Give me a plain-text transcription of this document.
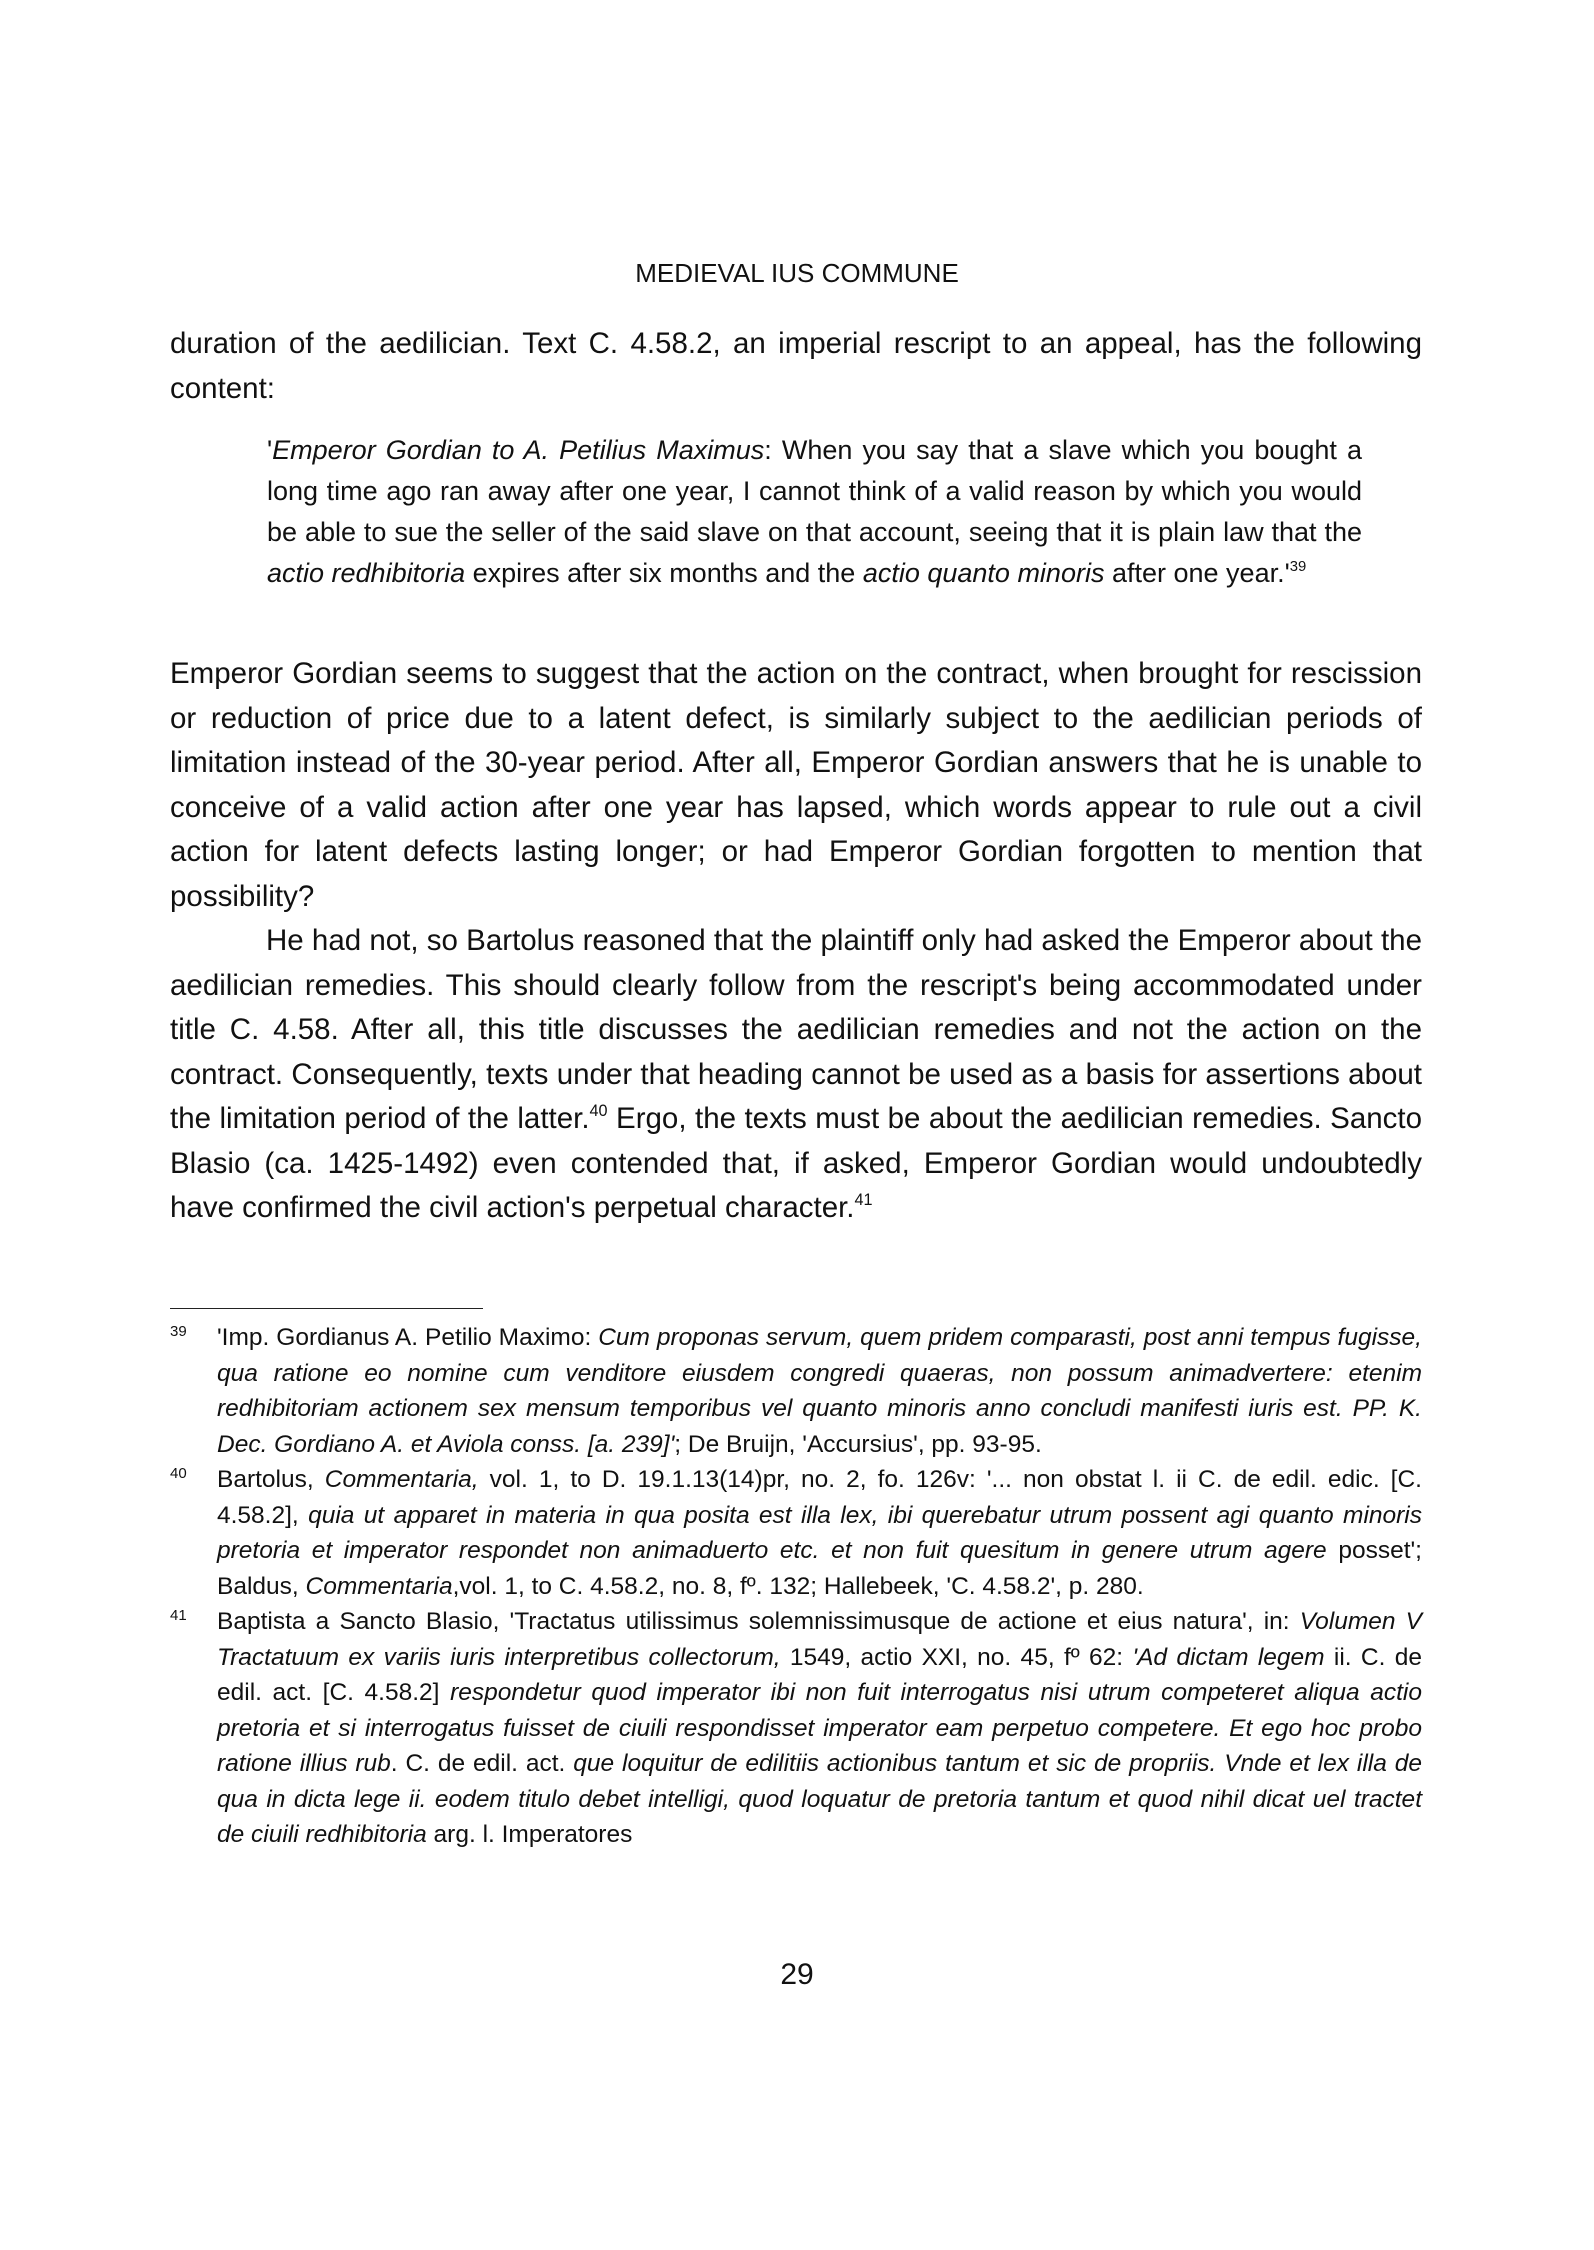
MEDIEVAL IUS COMMUNE

duration of the aedilician. Text C. 4.58.2, an imperial rescript to an appeal, has the following content:

'Emperor Gordian to A. Petilius Maximus: When you say that a slave which you bought a long time ago ran away after one year, I cannot think of a valid reason by which you would be able to sue the seller of the said slave on that account, seeing that it is plain law that the actio redhibitoria expires after six months and the actio quanto minoris after one $year.'^{39}$

Emperor Gordian seems to suggest that the action on the contract, when brought for rescission or reduction of price due to a latent defect, is similarly subject to the aedilician periods of limitation instead of the 30-year period. After all, Emperor Gordian answers that he is unable to conceive of a valid action after one year has lapsed, which words appear to rule out a civil action for latent defects lasting longer; or had Emperor Gordian forgotten to mention that possibility?

He had not, so Bartolus reasoned that the plaintiff only had asked the Emperor about the aedilician remedies. This should clearly follow from the rescript's being accommodated under title C. 4.58. After all, this title discusses the aedilician remedies and not the action on the contract. Consequently, texts under that heading cannot be used as a basis for assertions about the limitation period of the latter.$^{40}$ Ergo, the texts must be about the aedilician remedies. Sancto Blasio (ca. 1425-1492) even contended that, if asked, Emperor Gordian would undoubtedly have confirmed the civil action's perpetual character.$^{41}$

39 'Imp. Gordianus A. Petilio Maximo: Cum proponas servum, quem pridem comparasti, post anni tempus fugisse, qua ratione eo nomine cum venditore eiusdem congredi quaeras, non possum animadvertere: etenim redhibitoriam actionem sex mensum temporibus vel quanto minoris anno concludi manifesti iuris est. PP. K. Dec. Gordiano A. et Aviola conss. [a. 239]'; De Bruijn, 'Accursius', pp. 93-95.
40 Bartolus, Commentaria, vol. 1, to D. 19.1.13(14)pr, no. 2, fo. 126v: '... non obstat l. ii C. de edil. edic. [C. 4.58.2], quia ut apparet in materia in qua posita est illa lex, ibi querebatur utrum possent agi quanto minoris pretoria et imperator respondet non animaduerto etc. et non fuit quesitum in genere utrum agere posset'; Baldus, Commentaria,vol. 1, to C. 4.58.2, no. 8, fº. 132; Hallebeek, 'C. 4.58.2', p. 280.
41 Baptista a Sancto Blasio, 'Tractatus utilissimus solemnissimusque de actione et eius natura', in: Volumen V Tractatuum ex variis iuris interpretibus collectorum, 1549, actio XXI, no. 45, fº 62: 'Ad dictam legem ii. C. de edil. act. [C. 4.58.2] respondetur quod imperator ibi non fuit interrogatus nisi utrum competeret aliqua actio pretoria et si interrogatus fuisset de ciuili respondisset imperator eam perpetuo competere. Et ego hoc probo ratione illius rub. C. de edil. act. que loquitur de edilitiis actionibus tantum et sic de propriis. Vnde et lex illa de qua in dicta lege ii. eodem titulo debet intelligi, quod loquatur de pretoria tantum et quod nihil dicat uel tractet de ciuili redhibitoria arg. l. Imperatores
29
